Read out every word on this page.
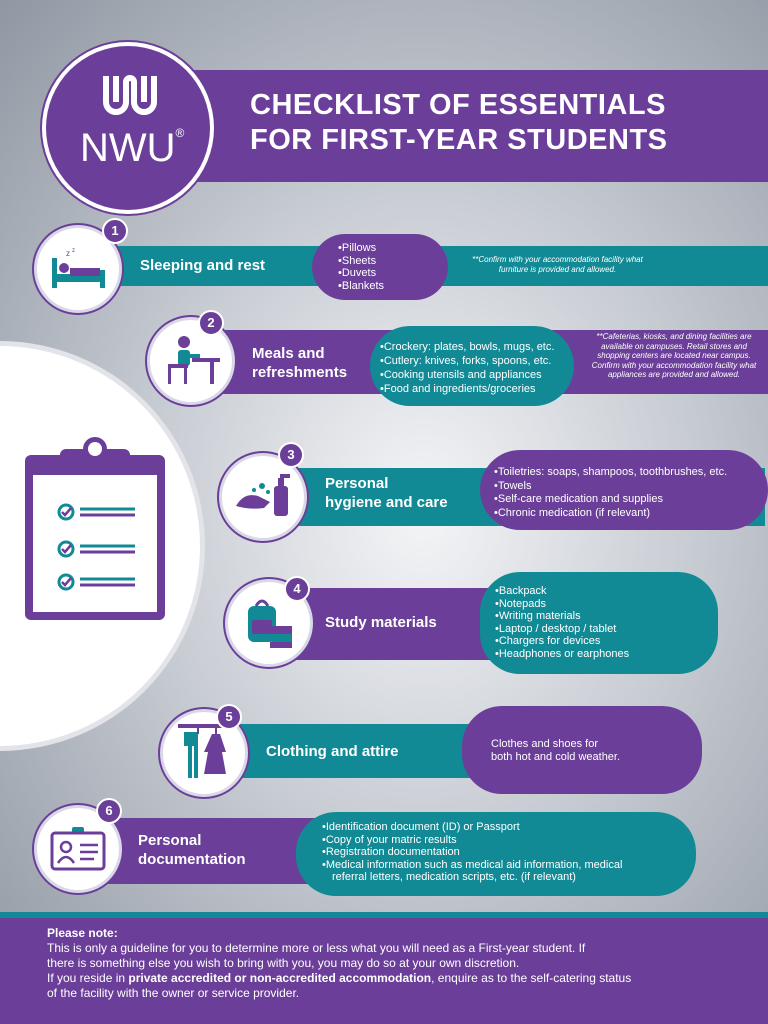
NWU®
CHECKLIST OF ESSENTIALS
FOR FIRST-YEAR STUDENTS
Sleeping and rest
• Pillows
• Sheets
• Duvets
• Blankets
**Confirm with your accommodation facility what furniture is provided and allowed.
z z
1
Meals and
refreshments
• Crockery: plates, bowls, mugs, etc.
• Cutlery: knives, forks, spoons, etc.
• Cooking utensils and appliances
• Food and ingredients/groceries
**Cafeterias, kiosks, and dining facilities are available on campuses. Retail stores and shopping centers are located near campus. Confirm with your accommodation facility what appliances are provided and allowed.
2
Personal
hygiene and care
• Toiletries: soaps, shampoos, toothbrushes, etc.
• Towels
• Self-care medication and supplies
• Chronic medication (if relevant)
3
Study materials
• Backpack
• Notepads
• Writing materials
• Laptop / desktop / tablet
• Chargers for devices
• Headphones or earphones
4
Clothing and attire	Clothes and shoes for
both hot and cold weather.
5
Personal
documentation
• Identification document (ID) or Passport
• Copy of your matric results
• Registration documentation
• Medical information such as medical aid information, medical
referral letters, medication scripts, etc. (if relevant)
6
Please note:
This is only a guideline for you to determine more or less what you will need as a First-year student. If
there is something else you wish to bring with you, you may do so at your own discretion.
If you reside in private accredited or non-accredited accommodation, enquire as to the self-catering status
of the facility with the owner or service provider.
